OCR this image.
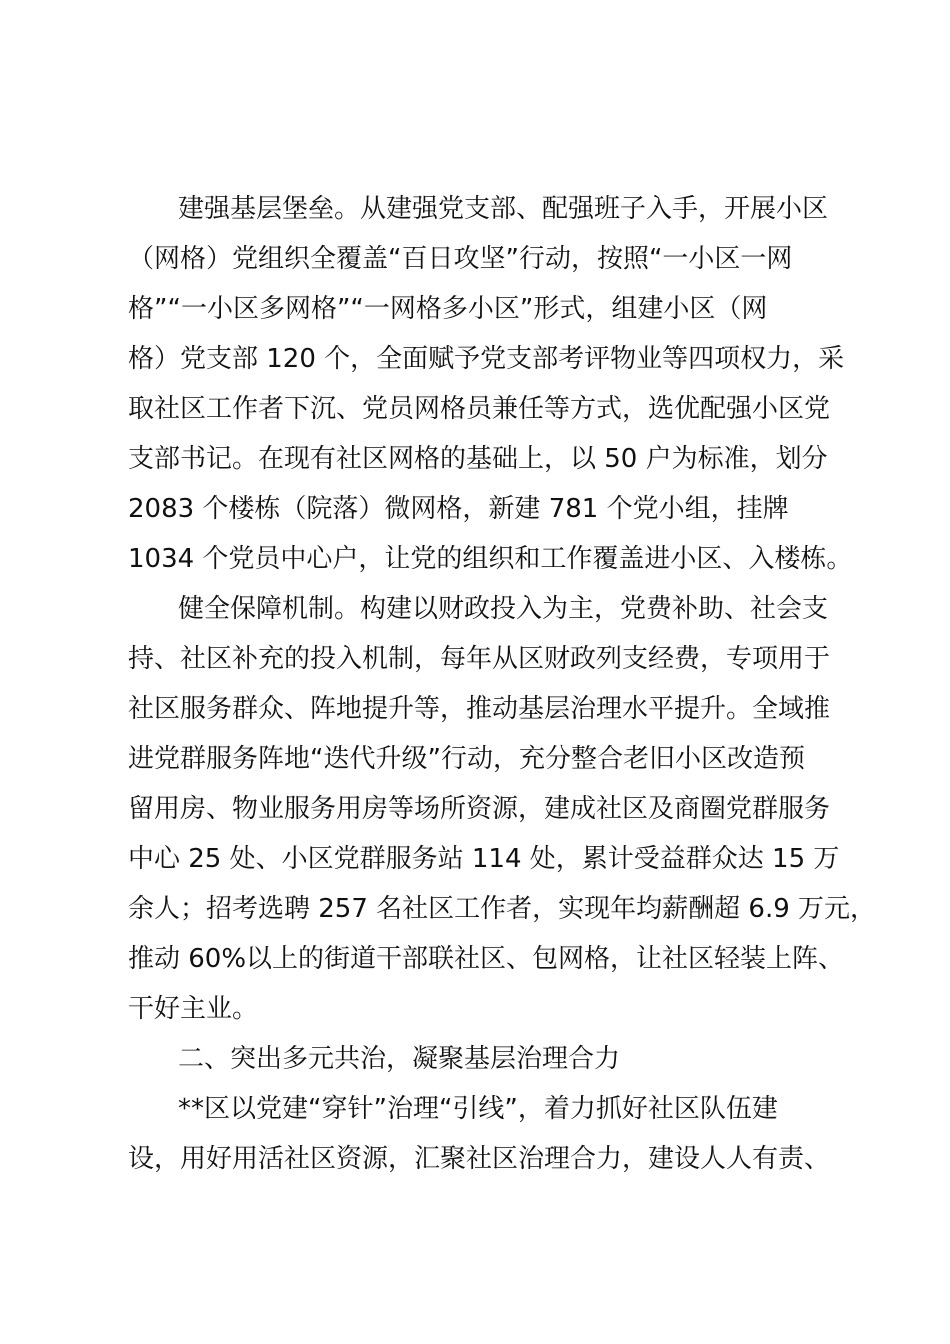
建强基层堡垒。从建强党支部、配强班子入手，开展小区
（网格）党组织全覆盖“百日攻坚”行动，按照“一小区一网
格”“一小区多网格”“一网格多小区”形式，组建小区（网
格）党支部 120 个，全面赋予党支部考评物业等四项权力，采
取社区工作者下沉、党员网格员兼任等方式，选优配强小区党
支部书记。在现有社区网格的基础上，以 50 户为标准，划分
2083 个楼栋（院落）微网格，新建 781 个党小组，挂牌
1034 个党员中心户，让党的组织和工作覆盖进小区、入楼栋。
健全保障机制。构建以财政投入为主，党费补助、社会支
持、社区补充的投入机制，每年从区财政列支经费，专项用于
社区服务群众、阵地提升等，推动基层治理水平提升。全域推
进党群服务阵地“迭代升级”行动，充分整合老旧小区改造预
留用房、物业服务用房等场所资源，建成社区及商圈党群服务
中心 25 处、小区党群服务站 114 处，累计受益群众达 15 万
余人；招考选聘 257 名社区工作者，实现年均薪酬超 6.9 万元，
推动 60%以上的街道干部联社区、包网格，让社区轻装上阵、
干好主业。
二、突出多元共治，凝聚基层治理合力
**区以党建“穿针”治理“引线”，着力抓好社区队伍建
设，用好用活社区资源，汇聚社区治理合力，建设人人有责、
